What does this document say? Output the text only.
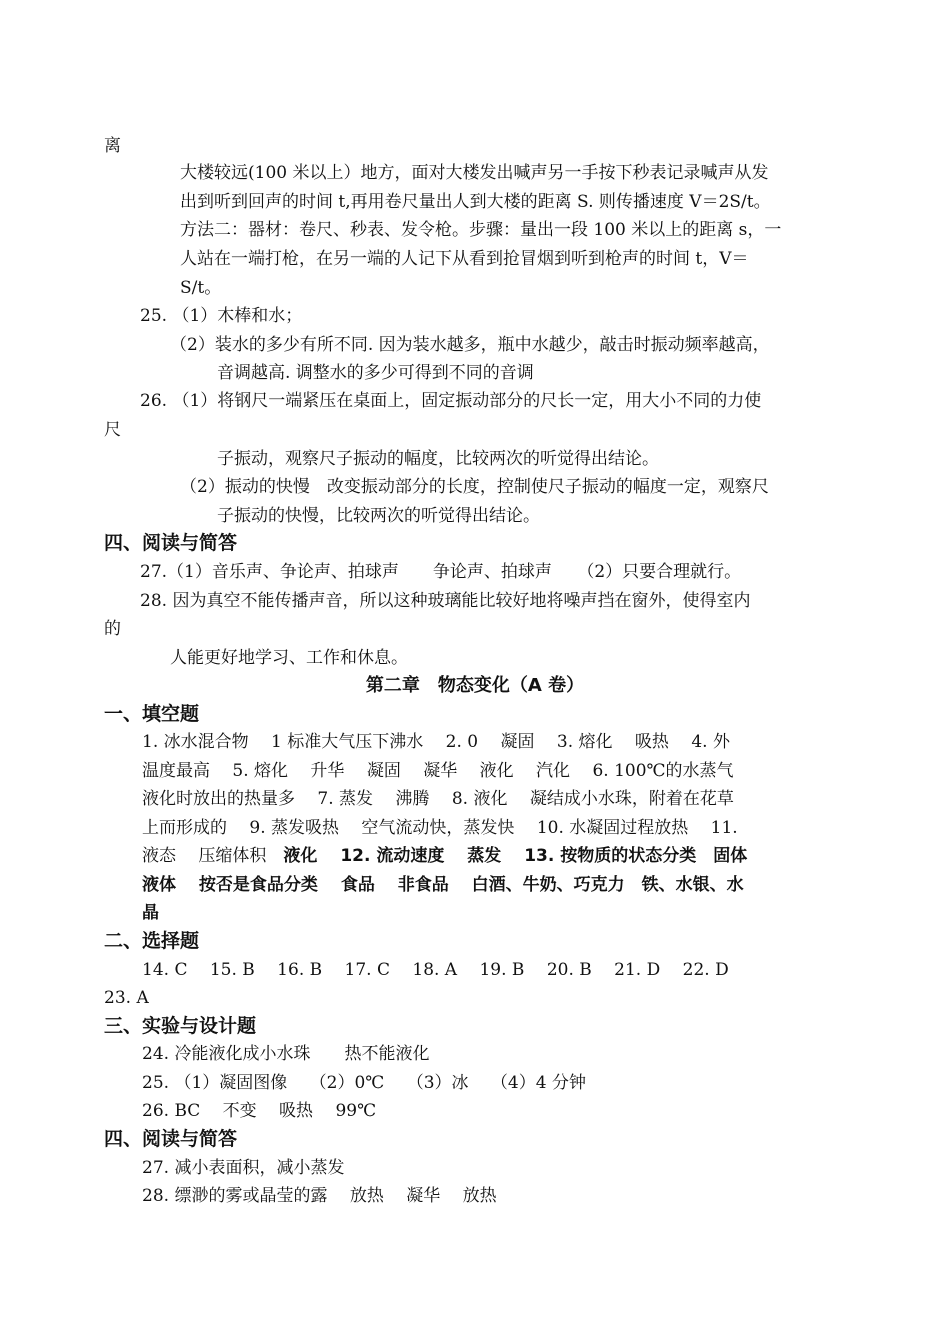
离
大楼较远(100 米以上）地方，面对大楼发出喊声另一手按下秒表记录喊声从发
出到听到回声的时间 t,再用卷尺量出人到大楼的距离 S. 则传播速度 V＝2S/t。
方法二：器材：卷尺、秒表、发令枪。步骤：量出一段 100 米以上的距离 s，一
人站在一端打枪，在另一端的人记下从看到抢冒烟到听到枪声的时间 t，V＝
S/t。
25. （1）木棒和水；
（2）装水的多少有所不同. 因为装水越多，瓶中水越少，敲击时振动频率越高，
音调越高. 调整水的多少可得到不同的音调
26. （1）将钢尺一端紧压在桌面上，固定振动部分的尺长一定，用大小不同的力使
尺
子振动，观察尺子振动的幅度，比较两次的听觉得出结论。
（2）振动的快慢　改变振动部分的长度，控制使尺子振动的幅度一定，观察尺
子振动的快慢，比较两次的听觉得出结论。
四、阅读与简答
27.（1）音乐声、争论声、拍球声　　争论声、拍球声　　（2）只要合理就行。
28. 因为真空不能传播声音，所以这种玻璃能比较好地将噪声挡在窗外，使得室内
的
人能更好地学习、工作和休息。
第二章　物态变化（A 卷）
一、填空题
1. 冰水混合物　 1 标准大气压下沸水　 2. 0　 凝固　 3. 熔化　 吸热　 4. 外
温度最高　 5. 熔化　 升华　 凝固　 凝华　 液化　 汽化　 6. 100℃的水蒸气
液化时放出的热量多　 7. 蒸发　 沸腾　 8. 液化　 凝结成小水珠，附着在花草
上而形成的　 9. 蒸发吸热　 空气流动快，蒸发快　 10. 水凝固过程放热　 11.
液态　 压缩体积　液化　 12. 流动速度　 蒸发　 13. 按物质的状态分类　固体
液体　 按否是食品分类　 食品　 非食品　 白酒、牛奶、巧克力　铁、水银、水
晶
二、选择题
14. C　 15. B　 16. B　 17. C　 18. A　 19. B　 20. B　 21. D　 22. D
23. A
三、实验与设计题
24. 冷能液化成小水珠　　热不能液化
25. （1）凝固图像　 （2）0℃　 （3）冰　 （4）4 分钟
26. BC　 不变　 吸热　 99℃
四、阅读与简答
27. 减小表面积，减小蒸发
28. 缥渺的雾或晶莹的露　 放热　 凝华　 放热
